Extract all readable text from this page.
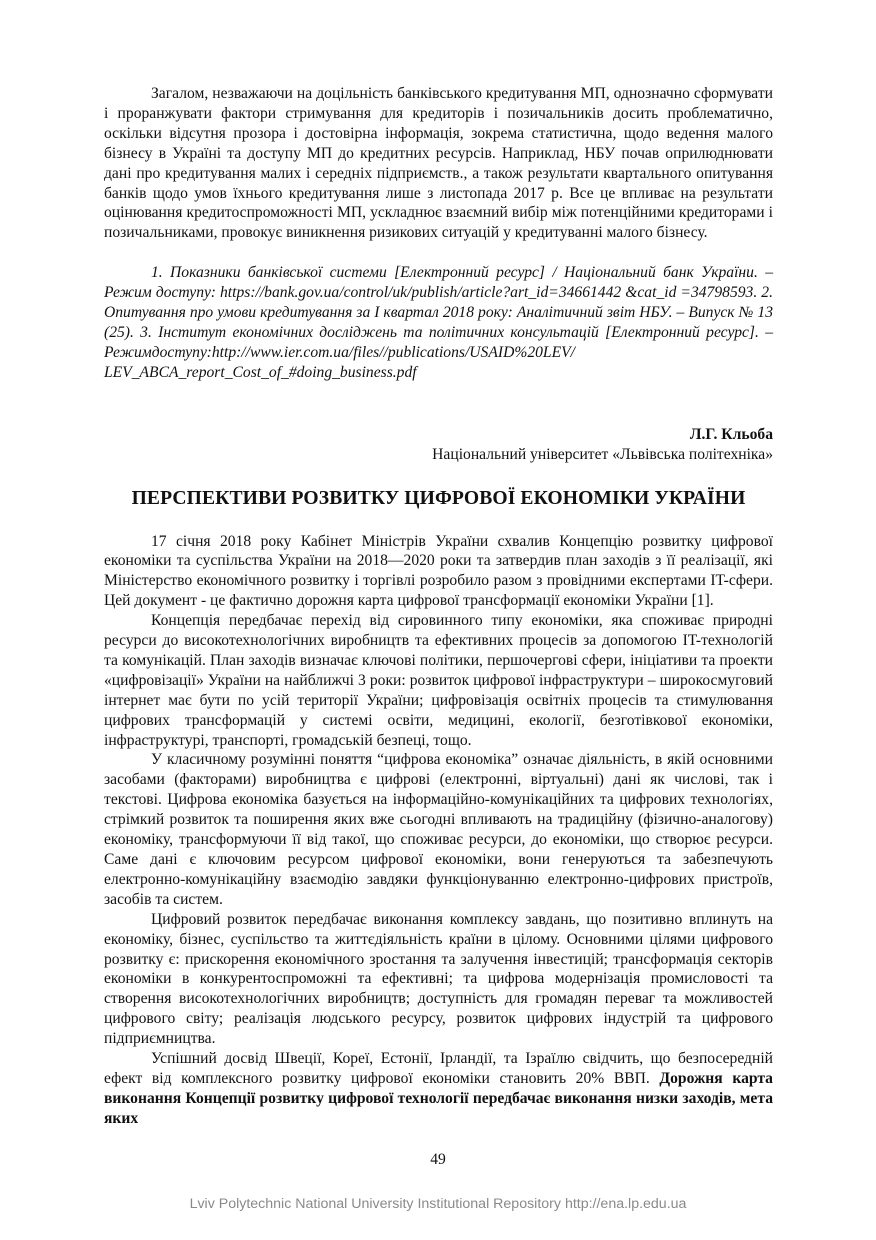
Загалом, незважаючи на доцільність банківського кредитування МП, однозначно сформувати і проранжувати фактори стримування для кредиторів і позичальників досить проблематично, оскільки відсутня прозора і достовірна інформація, зокрема статистична, щодо ведення малого бізнесу в Україні та доступу МП до кредитних ресурсів. Наприклад, НБУ почав оприлюднювати дані про кредитування малих і середніх підприємств., а також результати квартального опитування банків щодо умов їхнього кредитування лише з листопада 2017 р. Все це впливає на результати оцінювання кредитоспроможності МП, ускладнює взаємний вибір між потенційними кредиторами і позичальниками, провокує виникнення ризикових ситуацій у кредитуванні малого бізнесу.

1. Показники банківської системи [Електронний ресурс] / Національний банк України. – Режим доступу: https://bank.gov.ua/control/uk/publish/article?art_id=34661442 &cat_id =34798593. 2. Опитування про умови кредитування за I квартал 2018 року: Аналітичний звіт НБУ. – Випуск № 13 (25). 3. Інститут економічних досліджень та політичних консультацій [Електронний ресурс]. – Режимдоступу:http://www.ier.com.ua/files//publications/USAID%20LEV/ LEV_ABCA_report_Cost_of_#doing_business.pdf

Л.Г. Кльоба
Національний університет «Львівська політехніка»
ПЕРСПЕКТИВИ РОЗВИТКУ ЦИФРОВОЇ ЕКОНОМІКИ УКРАЇНИ

17 січня 2018 року Кабінет Міністрів України схвалив Концепцію розвитку цифрової економіки та суспільства України на 2018—2020 роки та затвердив план заходів з її реалізації, які Міністерство економічного розвитку і торгівлі розробило разом з провідними експертами IT-сфери. Цей документ - це фактично дорожня карта цифрової трансформації економіки України [1].

Концепція передбачає перехід від сировинного типу економіки, яка споживає природні ресурси до високотехнологічних виробництв та ефективних процесів за допомогою IT-технологій та комунікацій. План заходів визначає ключові політики, першочергові сфери, ініціативи та проекти «цифровізації» України на найближчі 3 роки: розвиток цифрової інфраструктури – широкосмуговий інтернет має бути по усій території України; цифровізація освітніх процесів та стимулювання цифрових трансформацій у системі освіти, медицині, екології, безготівкової економіки, інфраструктурі, транспорті, громадській безпеці, тощо.

У класичному розумінні поняття “цифрова економіка” означає діяльність, в якій основними засобами (факторами) виробництва є цифрові (електронні, віртуальні) дані як числові, так і текстові. Цифрова економіка базується на інформаційно-комунікаційних та цифрових технологіях, стрімкий розвиток та поширення яких вже сьогодні впливають на традиційну (фізично-аналогову) економіку, трансформуючи її від такої, що споживає ресурси, до економіки, що створює ресурси. Саме дані є ключовим ресурсом цифрової економіки, вони генеруються та забезпечують електронно-комунікаційну взаємодію завдяки функціонуванню електронно-цифрових пристроїв, засобів та систем.

Цифровий розвиток передбачає виконання комплексу завдань, що позитивно вплинуть на економіку, бізнес, суспільство та життєдіяльність країни в цілому. Основними цілями цифрового розвитку є: прискорення економічного зростання та залучення інвестицій; трансформація секторів економіки в конкурентоспроможні та ефективні; та цифрова модернізація промисловості та створення високотехнологічних виробництв; доступність для громадян переваг та можливостей цифрового світу; реалізація людського ресурсу, розвиток цифрових індустрій та цифрового підприємництва.

Успішний досвід Швеції, Кореї, Естонії, Ірландії, та Ізраїлю свідчить, що безпосередній ефект від комплексного розвитку цифрової економіки становить 20% ВВП. Дорожня карта виконання Концепції розвитку цифрової технології передбачає виконання низки заходів, мета яких

49
Lviv Polytechnic National University Institutional Repository http://ena.lp.edu.ua
